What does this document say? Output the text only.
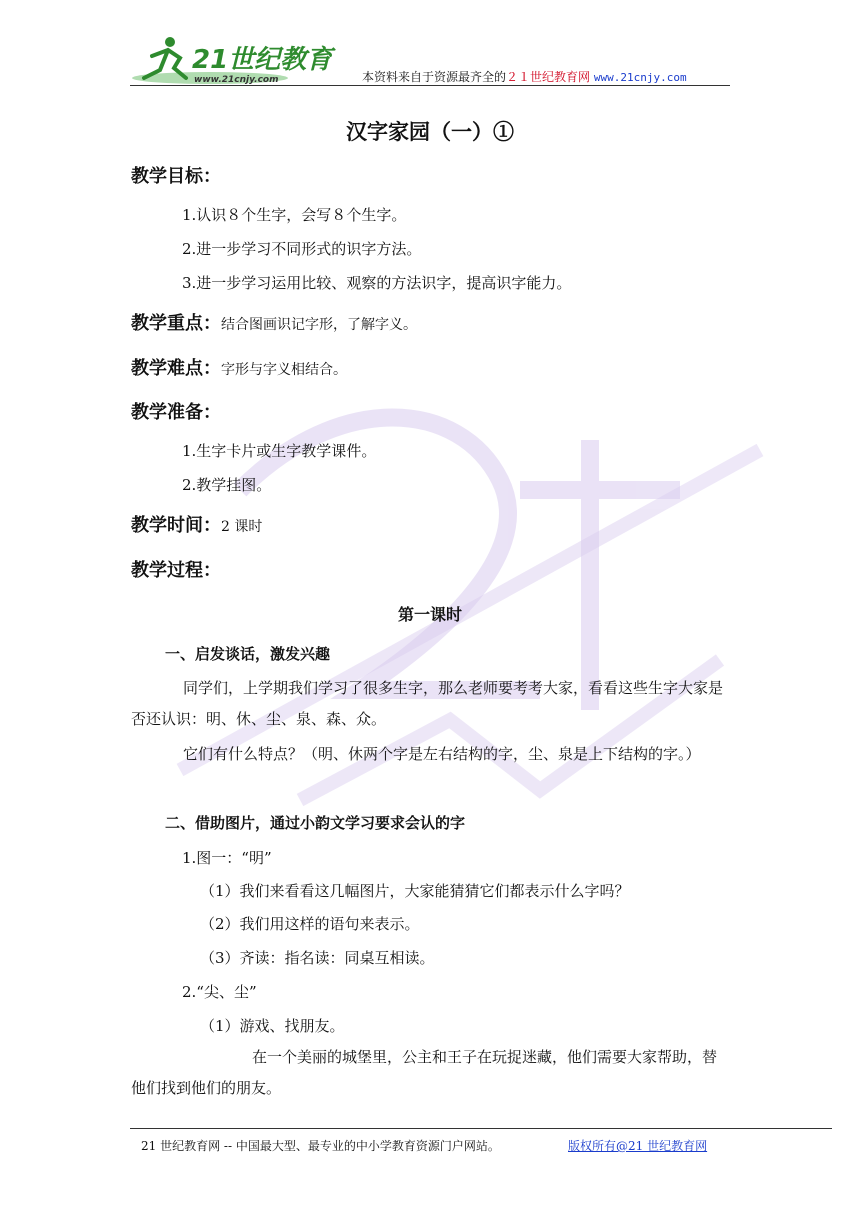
21世纪教育
www.21cnjy.com	本资料来自于资源最齐全的２１世纪教育网 www.21cnjy.com
汉字家园（一）①
教学目标：
1.认识８个生字，会写８个生字。
2.进一步学习不同形式的识字方法。
3.进一步学习运用比较、观察的方法识字，提高识字能力。
教学重点：结合图画识记字形，了解字义。
教学难点：字形与字义相结合。
教学准备：
1.生字卡片或生字教学课件。
2.教学挂图。
教学时间：2 课时
教学过程：
第一课时
一、启发谈话，激发兴趣
同学们，上学期我们学习了很多生字，那么老师要考考大家，看看这些生字大家是否还认识：明、休、尘、泉、森、众。
它们有什么特点？（明、休两个字是左右结构的字，尘、泉是上下结构的字。）
二、借助图片，通过小韵文学习要求会认的字
1.图一：“明”
（1）我们来看看这几幅图片，大家能猜猜它们都表示什么字吗？
（2）我们用这样的语句来表示。
（3）齐读：指名读：同桌互相读。
2.“尖、尘”
（1）游戏、找朋友。
在一个美丽的城堡里，公主和王子在玩捉迷藏，他们需要大家帮助，替他们找到他们的朋友。
21 世纪教育网 -- 中国最大型、最专业的中小学教育资源门户网站。	版权所有@21 世纪教育网
